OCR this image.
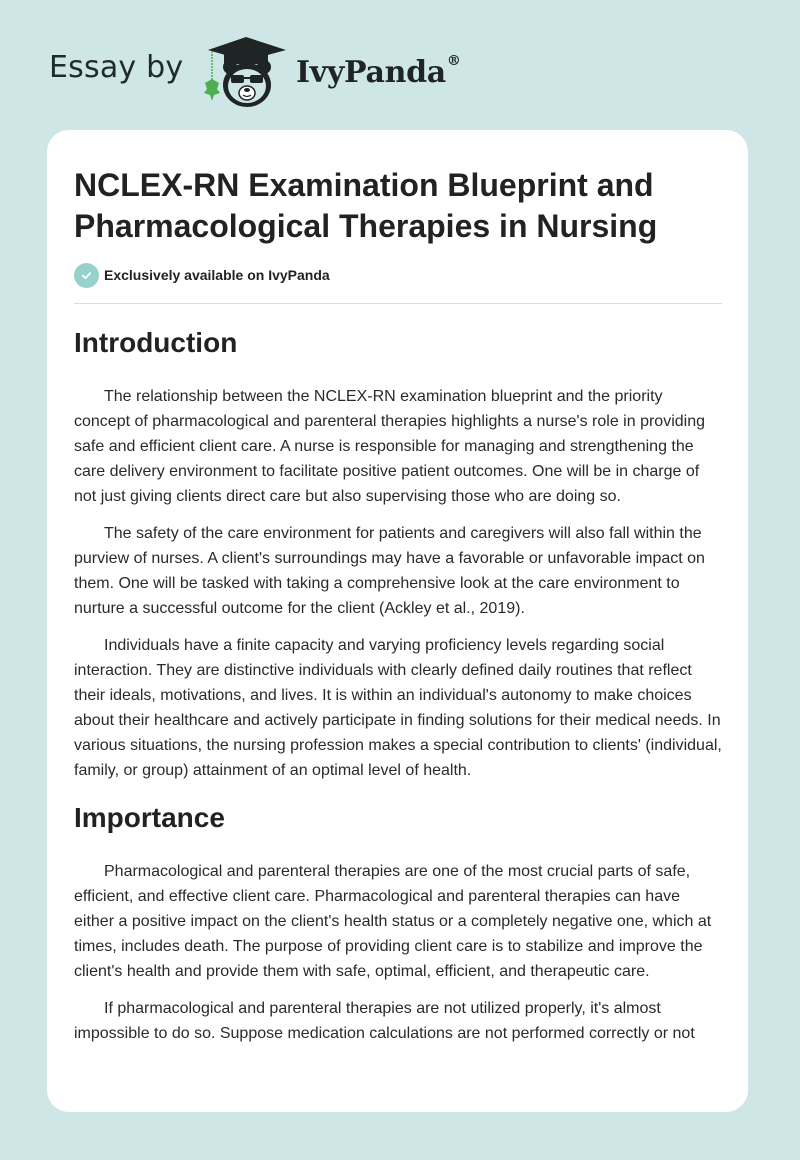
Essay by	IvyPanda®
NCLEX-RN Examination Blueprint and Pharmacological Therapies in Nursing
Exclusively available on IvyPanda
Introduction

The relationship between the NCLEX-RN examination blueprint and the priority concept of pharmacological and parenteral therapies highlights a nurse's role in providing safe and efficient client care. A nurse is responsible for managing and strengthening the care delivery environment to facilitate positive patient outcomes. One will be in charge of not just giving clients direct care but also supervising those who are doing so.

The safety of the care environment for patients and caregivers will also fall within the purview of nurses. A client's surroundings may have a favorable or unfavorable impact on them. One will be tasked with taking a comprehensive look at the care environment to nurture a successful outcome for the client (Ackley et al., 2019).

Individuals have a finite capacity and varying proficiency levels regarding social interaction. They are distinctive individuals with clearly defined daily routines that reflect their ideals, motivations, and lives. It is within an individual's autonomy to make choices about their healthcare and actively participate in finding solutions for their medical needs. In various situations, the nursing profession makes a special contribution to clients' (individual, family, or group) attainment of an optimal level of health.

Importance

Pharmacological and parenteral therapies are one of the most crucial parts of safe, efficient, and effective client care. Pharmacological and parenteral therapies can have either a positive impact on the client's health status or a completely negative one, which at times, includes death. The purpose of providing client care is to stabilize and improve the client's health and provide them with safe, optimal, efficient, and therapeutic care.

If pharmacological and parenteral therapies are not utilized properly, it's almost impossible to do so. Suppose medication calculations are not performed correctly or not
